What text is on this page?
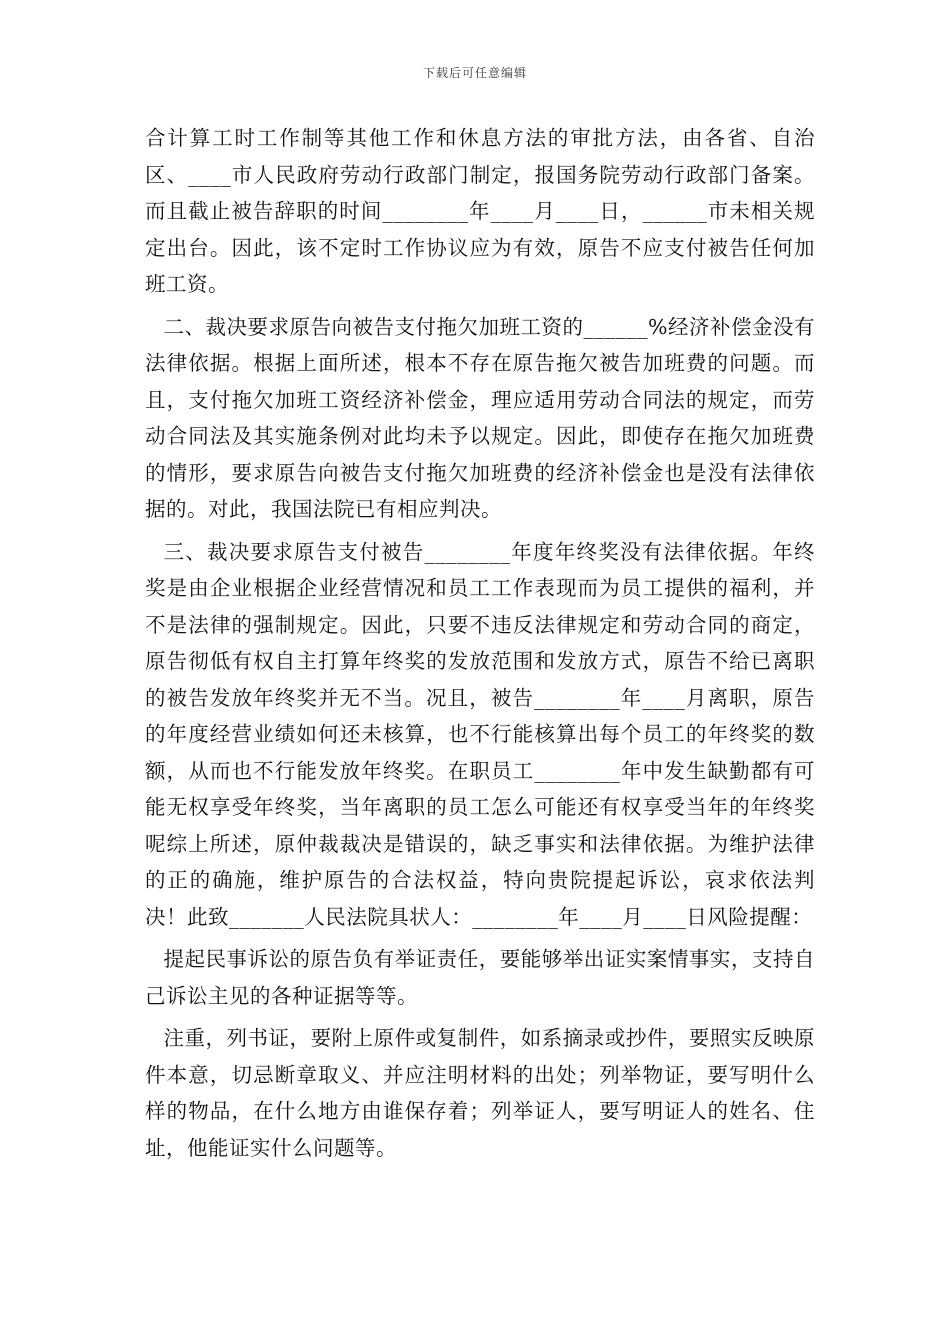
下载后可任意编辑

合计算工时工作制等其他工作和休息方法的审批方法，由各省、自治区、____市人民政府劳动行政部门制定，报国务院劳动行政部门备案。而且截止被告辞职的时间________年____月____日，______市未相关规定出台。因此，该不定时工作协议应为有效，原告不应支付被告任何加班工资。

二、裁决要求原告向被告支付拖欠加班工资的______%经济补偿金没有法律依据。根据上面所述，根本不存在原告拖欠被告加班费的问题。而且，支付拖欠加班工资经济补偿金，理应适用劳动合同法的规定，而劳动合同法及其实施条例对此均未予以规定。因此，即使存在拖欠加班费的情形，要求原告向被告支付拖欠加班费的经济补偿金也是没有法律依据的。对此，我国法院已有相应判决。

三、裁决要求原告支付被告________年度年终奖没有法律依据。年终奖是由企业根据企业经营情况和员工工作表现而为员工提供的福利，并不是法律的强制规定。因此，只要不违反法律规定和劳动合同的商定，原告彻低有权自主打算年终奖的发放范围和发放方式，原告不给已离职的被告发放年终奖并无不当。况且，被告________年____月离职，原告的年度经营业绩如何还未核算，也不行能核算出每个员工的年终奖的数额，从而也不行能发放年终奖。在职员工________年中发生缺勤都有可能无权享受年终奖，当年离职的员工怎么可能还有权享受当年的年终奖呢综上所述，原仲裁裁决是错误的，缺乏事实和法律依据。为维护法律的正的确施，维护原告的合法权益，特向贵院提起诉讼，哀求依法判决！此致_______人民法院具状人：________年____月____日风险提醒：

提起民事诉讼的原告负有举证责任，要能够举出证实案情事实，支持自己诉讼主见的各种证据等等。

注重，列书证，要附上原件或复制件，如系摘录或抄件，要照实反映原件本意，切忌断章取义、并应注明材料的出处；列举物证，要写明什么样的物品，在什么地方由谁保存着；列举证人，要写明证人的姓名、住址，他能证实什么问题等。
